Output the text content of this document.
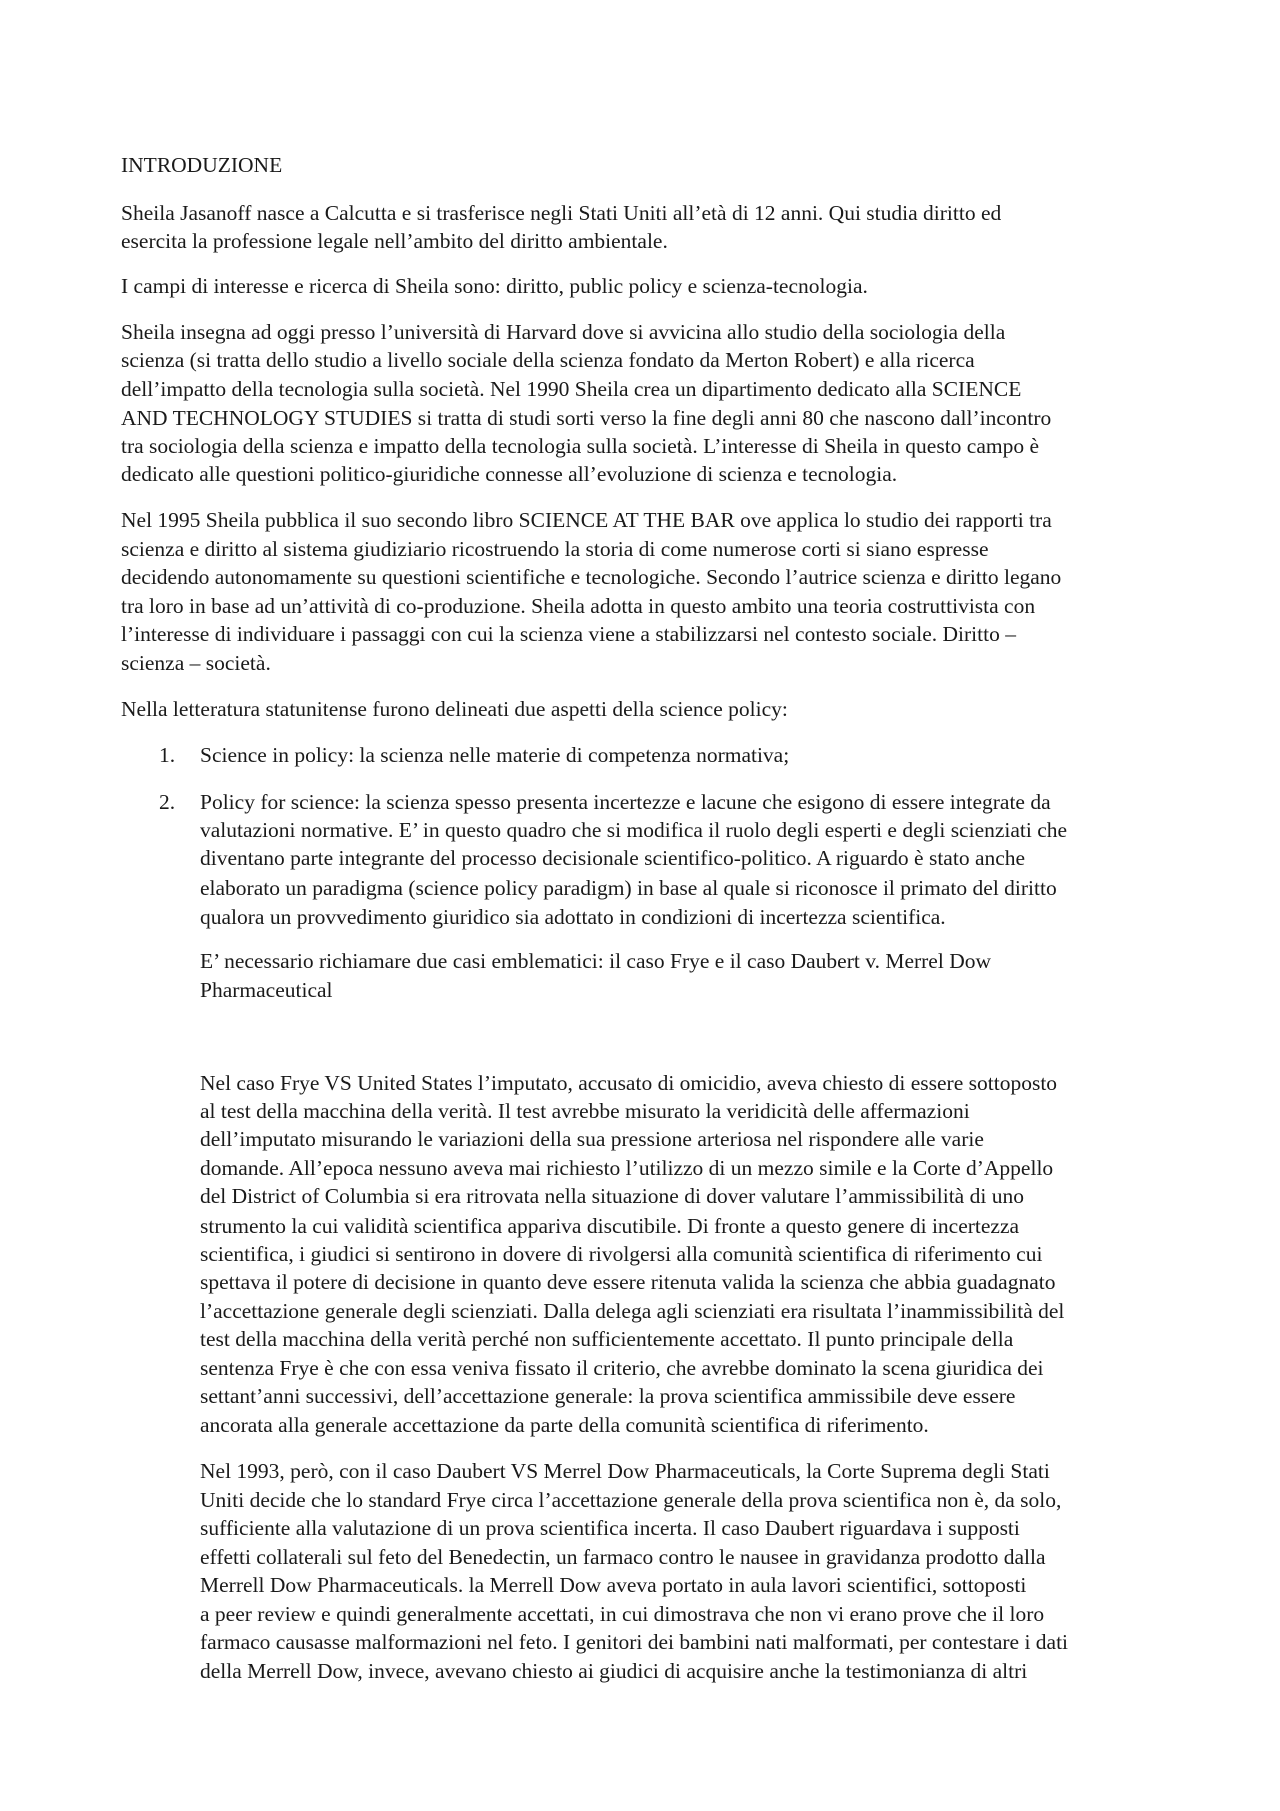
INTRODUZIONE
Sheila Jasanoff nasce a Calcutta e si trasferisce negli Stati Uniti all’età di 12 anni. Qui studia diritto ed
esercita la professione legale nell’ambito del diritto ambientale.
I campi di interesse e ricerca di Sheila sono: diritto, public policy e scienza-tecnologia.
Sheila insegna ad oggi presso l’università di Harvard dove si avvicina allo studio della sociologia della
scienza (si tratta dello studio a livello sociale della scienza fondato da Merton Robert) e alla ricerca
dell’impatto della tecnologia sulla società. Nel 1990 Sheila crea un dipartimento dedicato alla SCIENCE
AND TECHNOLOGY STUDIES si tratta di studi sorti verso la fine degli anni 80 che nascono dall’incontro
tra sociologia della scienza e impatto della tecnologia sulla società. L’interesse di Sheila in questo campo è
dedicato alle questioni politico-giuridiche connesse all’evoluzione di scienza e tecnologia.
Nel 1995 Sheila pubblica il suo secondo libro SCIENCE AT THE BAR ove applica lo studio dei rapporti tra
scienza e diritto al sistema giudiziario ricostruendo la storia di come numerose corti si siano espresse
decidendo autonomamente su questioni scientifiche e tecnologiche. Secondo l’autrice scienza e diritto legano
tra loro in base ad un’attività di co-produzione. Sheila adotta in questo ambito una teoria costruttivista con
l’interesse di individuare i passaggi con cui la scienza viene a stabilizzarsi nel contesto sociale. Diritto –
scienza – società.
Nella letteratura statunitense furono delineati due aspetti della science policy:
1. Science in policy: la scienza nelle materie di competenza normativa;
2. Policy for science: la scienza spesso presenta incertezze e lacune che esigono di essere integrate da
valutazioni normative. E’ in questo quadro che si modifica il ruolo degli esperti e degli scienziati che
diventano parte integrante del processo decisionale scientifico-politico. A riguardo è stato anche
elaborato un paradigma (science policy paradigm) in base al quale si riconosce il primato del diritto
qualora un provvedimento giuridico sia adottato in condizioni di incertezza scientifica.
E’ necessario richiamare due casi emblematici: il caso Frye e il caso Daubert v. Merrel Dow
Pharmaceutical
Nel caso Frye VS United States l’imputato, accusato di omicidio, aveva chiesto di essere sottoposto
al test della macchina della verità. Il test avrebbe misurato la veridicità delle affermazioni
dell’imputato misurando le variazioni della sua pressione arteriosa nel rispondere alle varie
domande. All’epoca nessuno aveva mai richiesto l’utilizzo di un mezzo simile e la Corte d’Appello
del District of Columbia si era ritrovata nella situazione di dover valutare l’ammissibilità di uno
strumento la cui validità scientifica appariva discutibile. Di fronte a questo genere di incertezza
scientifica, i giudici si sentirono in dovere di rivolgersi alla comunità scientifica di riferimento cui
spettava il potere di decisione in quanto deve essere ritenuta valida la scienza che abbia guadagnato
l’accettazione generale degli scienziati. Dalla delega agli scienziati era risultata l’inammissibilità del
test della macchina della verità perché non sufficientemente accettato. Il punto principale della
sentenza Frye è che con essa veniva fissato il criterio, che avrebbe dominato la scena giuridica dei
settant’anni successivi, dell’accettazione generale: la prova scientifica ammissibile deve essere
ancorata alla generale accettazione da parte della comunità scientifica di riferimento.
Nel 1993, però, con il caso Daubert VS Merrel Dow Pharmaceuticals, la Corte Suprema degli Stati
Uniti decide che lo standard Frye circa l’accettazione generale della prova scientifica non è, da solo,
sufficiente alla valutazione di un prova scientifica incerta. Il caso Daubert riguardava i supposti
effetti collaterali sul feto del Benedectin, un farmaco contro le nausee in gravidanza prodotto dalla
Merrell Dow Pharmaceuticals. la Merrell Dow aveva portato in aula lavori scientifici, sottoposti
a peer review e quindi generalmente accettati, in cui dimostrava che non vi erano prove che il loro
farmaco causasse malformazioni nel feto. I genitori dei bambini nati malformati, per contestare i dati
della Merrell Dow, invece, avevano chiesto ai giudici di acquisire anche la testimonianza di altri
